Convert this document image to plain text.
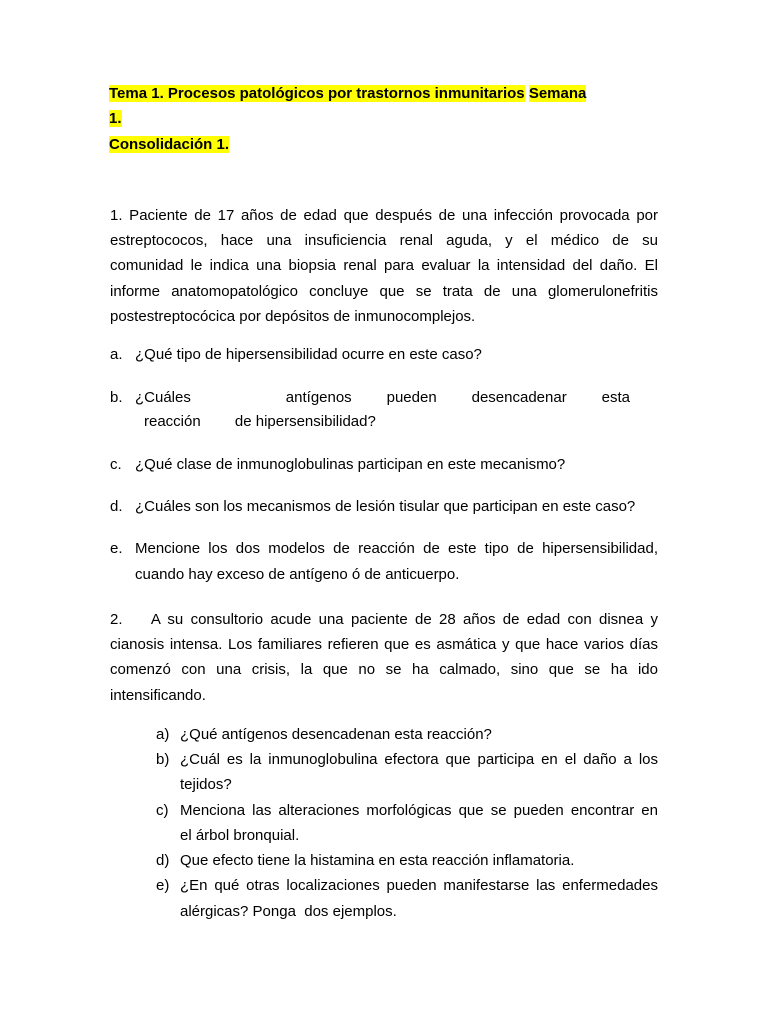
Tema 1. Procesos patológicos por trastornos inmunitarios Semana
1.
Consolidación 1.
1. Paciente de 17 años de edad que después de una infección provocada por
estreptococos, hace una insuficiencia renal aguda, y el médico de su
comunidad le indica una biopsia renal para evaluar la intensidad del daño. El
informe anatomopatológico concluye que se trata de una glomerulonefritis
postestreptocócica por depósitos de inmunocomplejos.
a. ¿Qué tipo de hipersensibilidad ocurre en este caso?
b. ¿Cuáles	antígenos pueden desencadenar esta
reacción de hipersensibilidad?
c. ¿Qué clase de inmunoglobulinas participan en este mecanismo?
d. ¿Cuáles son los mecanismos de lesión tisular que participan en este caso?
e. Mencione los dos modelos de reacción de este tipo de hipersensibilidad,
cuando hay exceso de antígeno ó de anticuerpo.
2.    A su consultorio acude una paciente de 28 años de edad con disnea y
cianosis intensa. Los familiares refieren que es asmática y que hace varios días
comenzó con una crisis, la que no se ha calmado, sino que se ha ido
intensificando.
a) ¿Qué antígenos desencadenan esta reacción?
b) ¿Cuál es la inmunoglobulina efectora que participa en el daño a los
tejidos?
c) Menciona las alteraciones morfológicas que se pueden encontrar en
el árbol bronquial.
d) Que efecto tiene la histamina en esta reacción inflamatoria.
e) ¿En qué otras localizaciones pueden manifestarse las enfermedades
alérgicas? Ponga  dos ejemplos.
